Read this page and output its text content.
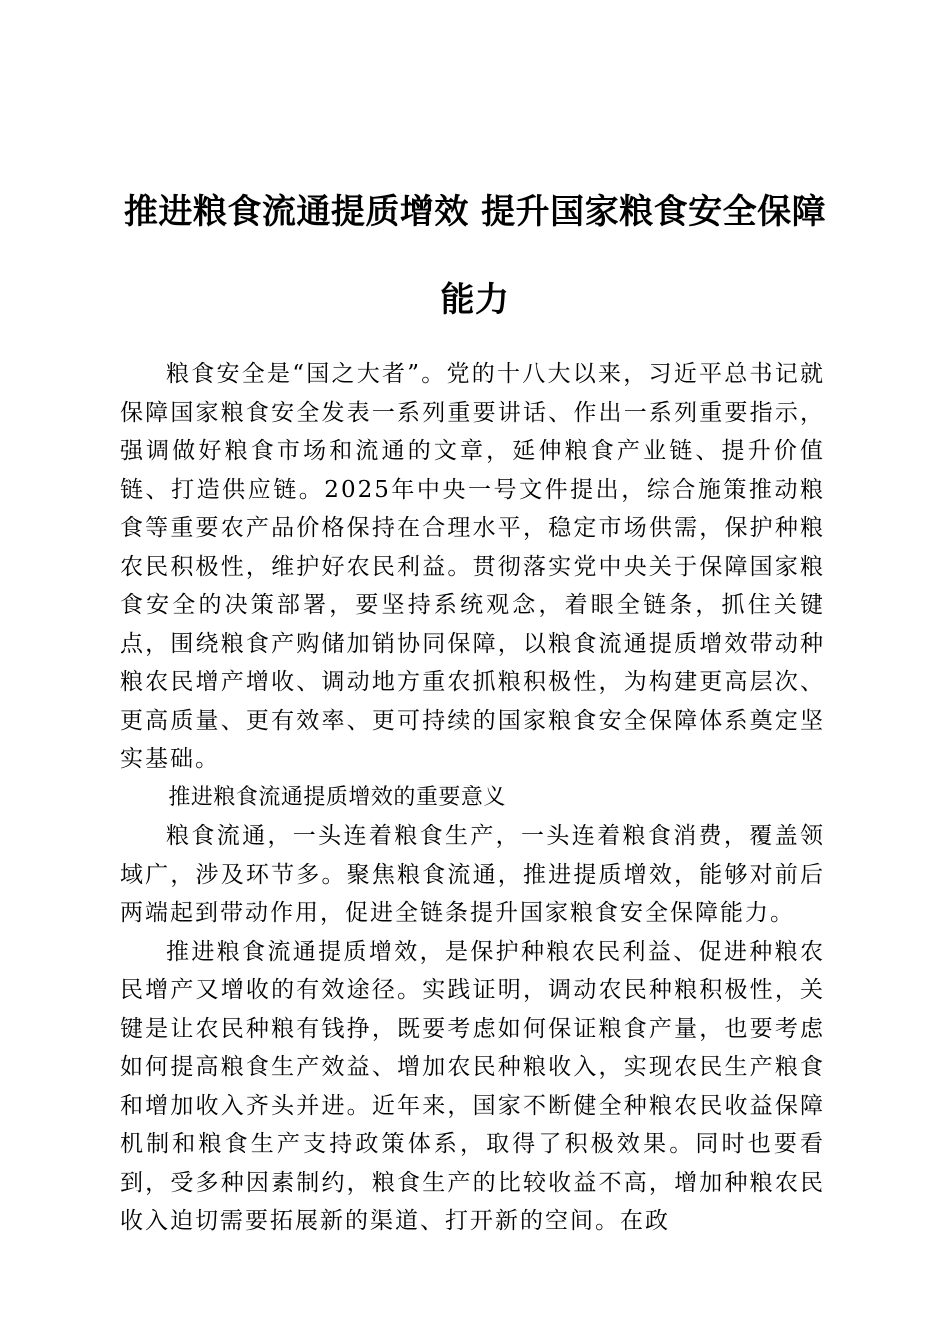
推进粮食流通提质增效 提升国家粮食安全保障能力

粮食安全是“国之大者”。党的十八大以来，习近平总书记就保障国家粮食安全发表一系列重要讲话、作出一系列重要指示，强调做好粮食市场和流通的文章，延伸粮食产业链、提升价值链、打造供应链。2025年中央一号文件提出，综合施策推动粮食等重要农产品价格保持在合理水平，稳定市场供需，保护种粮农民积极性，维护好农民利益。贯彻落实党中央关于保障国家粮食安全的决策部署，要坚持系统观念，着眼全链条，抓住关键点，围绕粮食产购储加销协同保障，以粮食流通提质增效带动种粮农民增产增收、调动地方重农抓粮积极性，为构建更高层次、更高质量、更有效率、更可持续的国家粮食安全保障体系奠定坚实基础。

推进粮食流通提质增效的重要意义

粮食流通，一头连着粮食生产，一头连着粮食消费，覆盖领域广，涉及环节多。聚焦粮食流通，推进提质增效，能够对前后两端起到带动作用，促进全链条提升国家粮食安全保障能力。

推进粮食流通提质增效，是保护种粮农民利益、促进种粮农民增产又增收的有效途径。实践证明，调动农民种粮积极性，关键是让农民种粮有钱挣，既要考虑如何保证粮食产量，也要考虑如何提高粮食生产效益、增加农民种粮收入，实现农民生产粮食和增加收入齐头并进。近年来，国家不断健全种粮农民收益保障机制和粮食生产支持政策体系，取得了积极效果。同时也要看到，受多种因素制约，粮食生产的比较收益不高，增加种粮农民收入迫切需要拓展新的渠道、打开新的空间。在政
